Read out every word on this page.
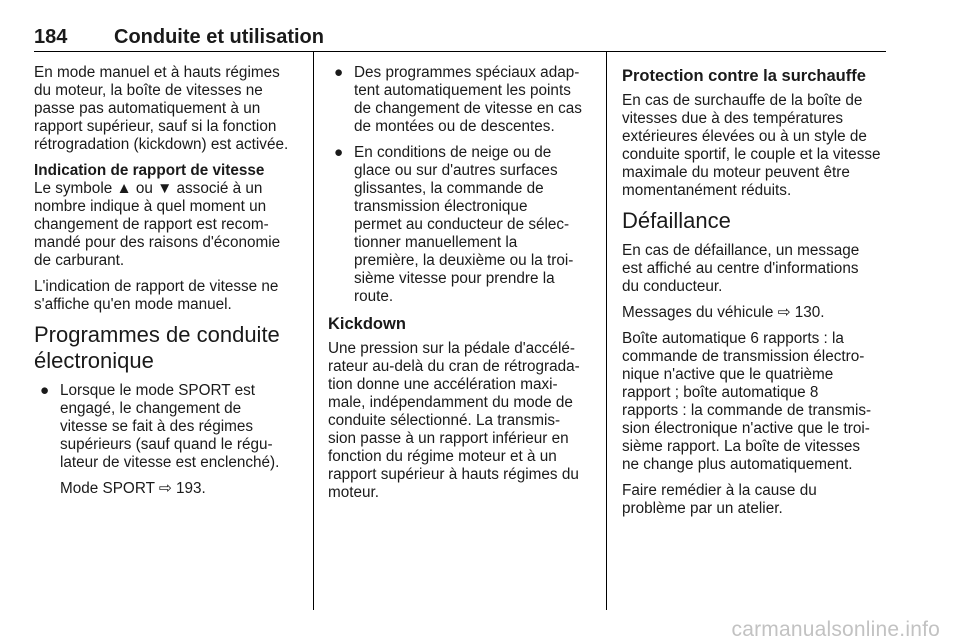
184 Conduite et utilisation

En mode manuel et à hauts régimes
du moteur, la boîte de vitesses ne
passe pas automatiquement à un
rapport supérieur, sauf si la fonction
rétrogradation (kickdown) est activée.

Indication de rapport de vitesse

Le symbole ▲ ou ▼ associé à un
nombre indique à quel moment un
changement de rapport est recom-
mandé pour des raisons d'économie
de carburant.

L'indication de rapport de vitesse ne
s'affiche qu'en mode manuel.

Programmes de conduite
électronique
● Lorsque le mode SPORT est
engagé, le changement de
vitesse se fait à des régimes
supérieurs (sauf quand le régu-
lateur de vitesse est enclenché).

Mode SPORT ⇨ 193.

● Des programmes spéciaux adap-
tent automatiquement les points
de changement de vitesse en cas
de montées ou de descentes.
● En conditions de neige ou de
glace ou sur d'autres surfaces
glissantes, la commande de
transmission électronique
permet au conducteur de sélec-
tionner manuellement la
première, la deuxième ou la troi-
sième vitesse pour prendre la
route.
Kickdown

Une pression sur la pédale d'accélé-
rateur au-delà du cran de rétrograda-
tion donne une accélération maxi-
male, indépendamment du mode de
conduite sélectionné. La transmis-
sion passe à un rapport inférieur en
fonction du régime moteur et à un
rapport supérieur à hauts régimes du
moteur.

Protection contre la surchauffe

En cas de surchauffe de la boîte de
vitesses due à des températures
extérieures élevées ou à un style de
conduite sportif, le couple et la vitesse
maximale du moteur peuvent être
momentanément réduits.

Défaillance

En cas de défaillance, un message
est affiché au centre d'informations
du conducteur.

Messages du véhicule ⇨ 130.

Boîte automatique 6 rapports : la
commande de transmission électro-
nique n'active que le quatrième
rapport ; boîte automatique 8
rapports : la commande de transmis-
sion électronique n'active que le troi-
sième rapport. La boîte de vitesses
ne change plus automatiquement.

Faire remédier à la cause du
problème par un atelier.

carmanualsonline.info
